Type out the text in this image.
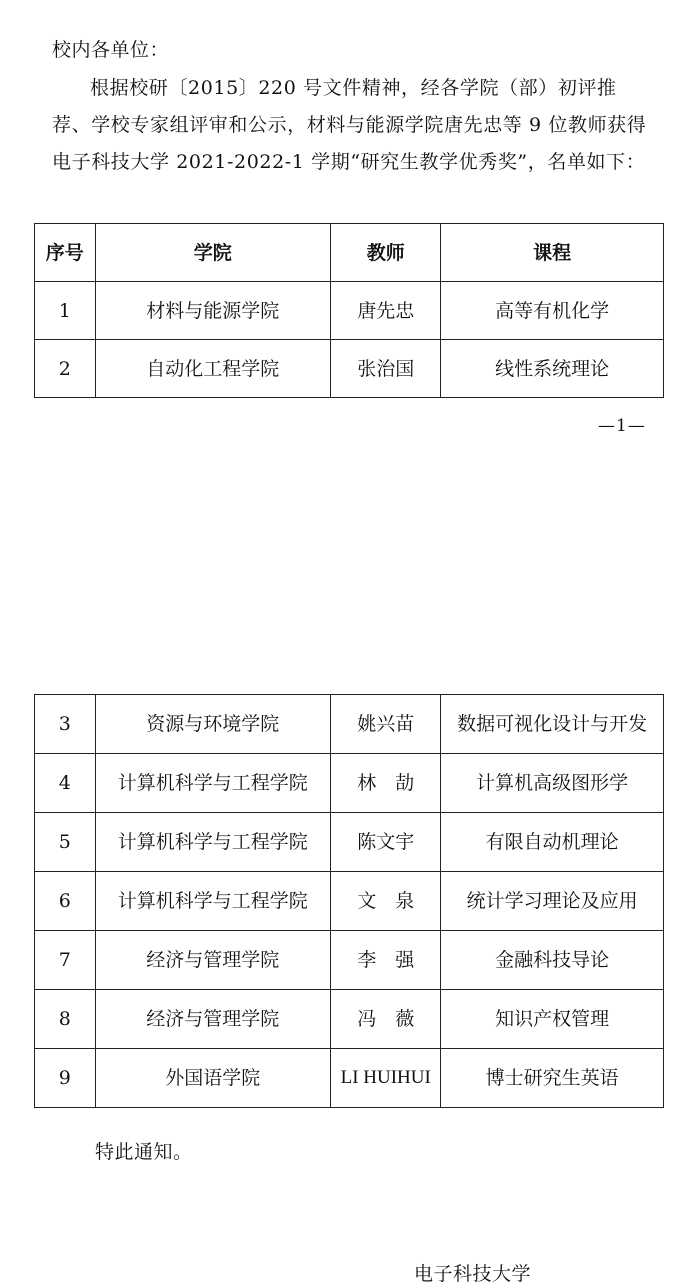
校内各单位：
根据校研〔2015〕220 号文件精神，经各学院（部）初评推荐、学校专家组评审和公示，材料与能源学院唐先忠等 9 位教师获得电子科技大学 2021-2022-1 学期“研究生教学优秀奖”，名单如下：
序号	学院	教师	课程
1	材料与能源学院	唐先忠	高等有机化学
2	自动化工程学院	张治国	线性系统理论
—1—
3	资源与环境学院	姚兴苗	数据可视化设计与开发
4	计算机科学与工程学院	林　劼	计算机高级图形学
5	计算机科学与工程学院	陈文宇	有限自动机理论
6	计算机科学与工程学院	文　泉	统计学习理论及应用
7	经济与管理学院	李　强	金融科技导论
8	经济与管理学院	冯　薇	知识产权管理
9	外国语学院	LI HUIHUI	博士研究生英语
特此通知。
电子科技大学
